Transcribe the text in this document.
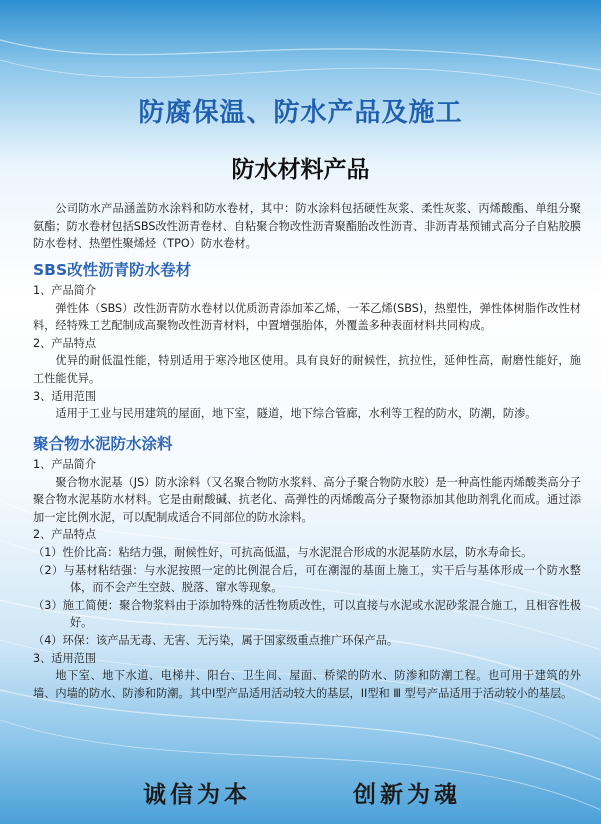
防腐保温、防水产品及施工
防水材料产品

公司防水产品涵盖防水涂料和防水卷材，其中：防水涂料包括硬性灰浆、柔性灰浆、丙烯酸酯、单组分聚氨酯；防水卷材包括SBS改性沥青卷材、自粘聚合物改性沥青聚酯胎改性沥青、非沥青基预铺式高分子自粘胶膜防水卷材、热塑性聚烯烃（TPO）防水卷材。

SBS改性沥青防水卷材

1、产品简介

弹性体（SBS）改性沥青防水卷材以优质沥青添加苯乙烯，一苯乙烯(SBS)，热塑性，弹性体树脂作改性材料，经特殊工艺配制成高聚物改性沥青材料，中置增强胎体，外覆盖多种表面材料共同构成。

2、产品特点

优异的耐低温性能，特别适用于寒冷地区使用。具有良好的耐候性，抗拉性，延伸性高，耐磨性能好，施工性能优异。

3、适用范围

适用于工业与民用建筑的屋面，地下室，隧道，地下综合管廊，水利等工程的防水，防潮，防渗。

聚合物水泥防水涂料

1、产品简介

聚合物水泥基（JS）防水涂料（又名聚合物防水浆料、高分子聚合物防水胶）是一种高性能丙烯酸类高分子聚合物水泥基防水材料。它是由耐酸碱、抗老化、高弹性的丙烯酸高分子聚物添加其他助剂乳化而成。通过添加一定比例水泥，可以配制成适合不同部位的防水涂料。

2、产品特点

（1）性价比高：粘结力强，耐候性好，可抗高低温，与水泥混合形成的水泥基防水层，防水寿命长。

（2）与基材粘结强：与水泥按照一定的比例混合后，可在潮湿的基面上施工，实干后与基体形成一个防水整体，而不会产生空鼓、脱落、窜水等现象。

（3）施工简便：聚合物浆料由于添加特殊的活性物质改性，可以直接与水泥或水泥砂浆混合施工，且相容性极好。

（4）环保：该产品无毒、无害、无污染，属于国家级重点推广环保产品。

3、适用范围

地下室、地下水道、电梯井、阳台、卫生间、屋面、桥梁的防水、防渗和防潮工程。也可用于建筑的外墙、内墙的防水、防渗和防潮。其中I型产品适用活动较大的基层，II型和 Ⅲ 型号产品适用于活动较小的基层。

诚信为本	创新为魂
